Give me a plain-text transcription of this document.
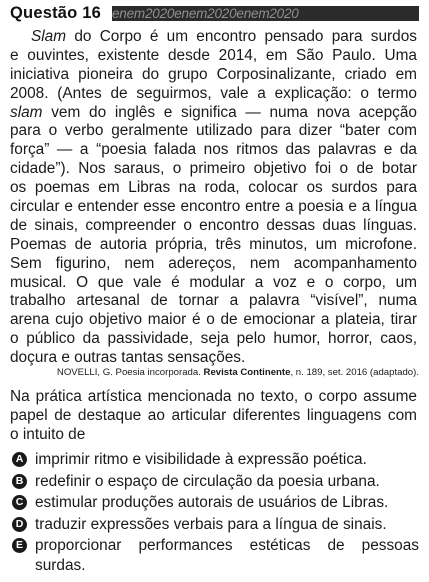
Questão 16 enem2020enem2020enem2020
Slam do Corpo é um encontro pensado para surdos
e ouvintes, existente desde 2014, em São Paulo. Uma
iniciativa pioneira do grupo Corposinalizante, criado em
2008. (Antes de seguirmos, vale a explicação: o termo
slam vem do inglês e significa — numa nova acepção
para o verbo geralmente utilizado para dizer “bater com
força” — a “poesia falada nos ritmos das palavras e da
cidade”). Nos saraus, o primeiro objetivo foi o de botar
os poemas em Libras na roda, colocar os surdos para
circular e entender esse encontro entre a poesia e a língua
de sinais, compreender o encontro dessas duas línguas.
Poemas de autoria própria, três minutos, um microfone.
Sem figurino, nem adereços, nem acompanhamento
musical. O que vale é modular a voz e o corpo, um
trabalho artesanal de tornar a palavra “visível”, numa
arena cujo objetivo maior é o de emocionar a plateia, tirar
o público da passividade, seja pelo humor, horror, caos,
doçura e outras tantas sensações.
NOVELLI, G. Poesia incorporada. Revista Continente, n. 189, set. 2016 (adaptado).
Na prática artística mencionada no texto, o corpo assume
papel de destaque ao articular diferentes linguagens com
o intuito de
A imprimir ritmo e visibilidade à expressão poética.
B redefinir o espaço de circulação da poesia urbana.
C estimular produções autorais de usuários de Libras.
D traduzir expressões verbais para a língua de sinais.
E proporcionar performances estéticas de pessoas
surdas.
